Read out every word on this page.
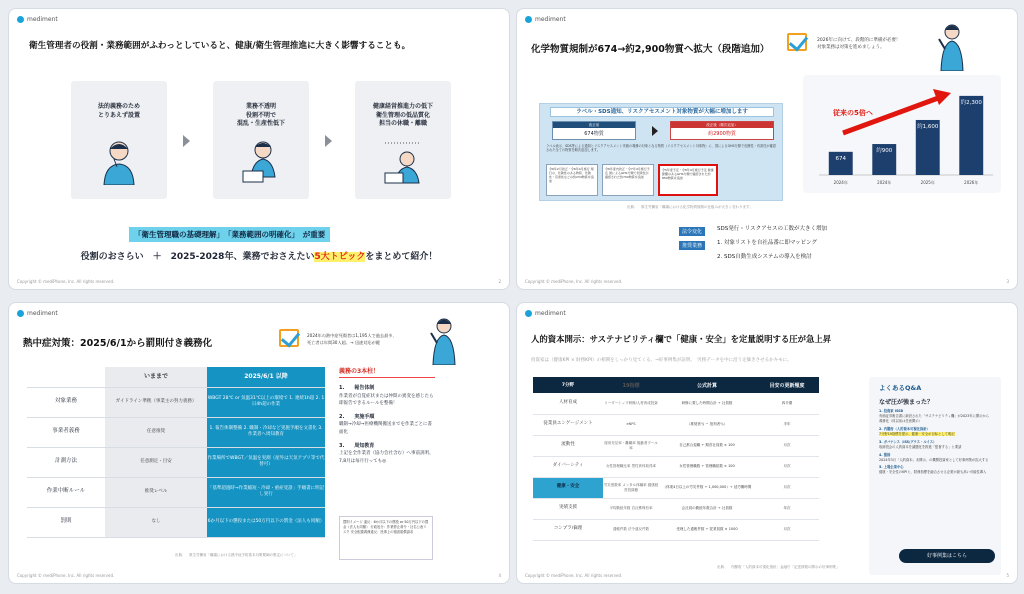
mediment
衛生管理者の役割・業務範囲がふわっとしていると、健康/衛生管理推進に大きく影響することも。
法的義務のため
とりあえず設置
業務不透明
役割不明で
混乱・生産性低下
健康経営推進力の低下
衛生管理の低品質化
担当の休職・離職
「衛生管理職の基礎理解」　「業務範囲の明確化」　が重要
役割のおさらい　＋　2025-2028年、業務でおさえたい5大トピックをまとめて紹介！
Copyright © mediPhone, Inc. All rights reserved.	2
mediment
化学物質規制が674→約2,900物質へ拡大（段階追加）
2026年に向けて、段階的に準備が必要！
対象業務は対策を進めましょう。
ラベル・SDS通知、リスクアセスメント対象物質が大幅に増加します
改正前
674物質
改正後（順次追加）
約2900物質
ラベル表示、SDS等による通知とリスクアセスメント実施の義務の対象となる物質（リスクアセスメント対象物）に、国によるGHS分類で危険性・有害性が確認された全ての物質を順次追加します。
令6年2月改正・令6年4月施行 現行の、危険性のある物質、危険性・有害性などの約234物質を追加
令6年度内改正・令7年4月施行予定 国によるGHS分類で危険性が確認された約700物質を追加
令5年度予定・令8年4月施行予定 健康影響のあるGHS分類で確認された約850物質を追加
出典：　厚生労働省「職場における化学物質規制の仕組みが大きく変わります」
674
2024年
約900
2024年
約1,600
2025年
約2,300
2026年
従来の5倍へ
法令変化	SDS発行・リスクアセスの工数が大きく増加
推奨業務	1. 対象リストを自社品番に即マッピング
2. SDS自動生成システムの導入を検討
Copyright © mediPhone, Inc. All rights reserved.	3
mediment
熱中症対策：2025/6/1から罰則付き義務化
2024年の熱中症死傷者は1,195人で過去最多、
死亡者は年間30人超。→ 迅速対応が鍵
	いままで	2025/6/1 以降
対象業務	ガイドライン準拠（事業主の努力義務）	WBGT 28℃ or 気温31℃以上の環境で 1. 連続1h超 2. 1日4h超の作業
事業者義務	任意推奨	1. 報告体制整備 2. 職制・冷却など実施手順を文書化 3. 作業者へ周知教育
計測方法	任意測定・目安	作業場所でWBGT／気温を実測（屋外は天気アプリ等で代替可）
作業中断ルール	推奨レベル	「基準超過時→作業縮短・冷却・重症受診」手順書に明記し実行
罰則	なし	6か月以下の懲役または50万円以下の罰金（法人も同額）
義務の3本柱！
1.　　報告体制
作業者が自覚症状または仲間の異変を感じたら即報告できるルールを整備！
2.　　実施手順
職制→冷却→医療機関搬送までを作業ごとに書面化
3.　　周知教育
上記を全作業者（協力会社含む）へ事前説明、7,8月は毎月行っても◎
罰則イメージ 違反：6か月以下の懲役 or 50万円以下の罰金（法人も同額） 行政処分：作業停止命令・社名公表リスク 安全配慮義務違反：民事上の損害賠償請求
出典：　厚生労働省「職場における熱中症予防基本対策要綱の策定について」
Copyright © mediPhone, Inc. All rights reserved.	4
mediment
人的資本開示：サステナビリティ欄で「健康・安全」を定量説明する圧が急上昇
投資家は（健康KPI × 財務KPI）の相関をしっかり見てくる。→好事例集が証明。　労務データを中に沿う定価きさせるかキモに。
7分野	19指標	公式計算	目安の更新頻度
人材育成	リーダーシップ研修/人材育成投資	研修に要した時間合計 ÷ 社員数	四半期
従業員エンゲージメント	eNPS	（推奨者％ − 批判者％）	半年
流動性	採用充足率・離職率 後継者プール率	自己都合退職 ÷ 期首社員数 × 100	月次
ダイバーシティ	女性管理職比率 男性育休取得率	女性管理職数 ÷ 管理職総数 × 100	月次
健康・安全	労災度数率 メンタル休職率 健康経営投資額	（休業4日以上の労災件数 ÷ 1,000,000）÷ 延労働時間	月次
実績支援	平均勤続年数 自社株保有率	会社員の勤続年数合計 ÷ 社員数	年次
コンプラ/倫理	通報件数 法令違反件数	受理した通報件数 ÷ 従業員数 × 1000	月次
よくあるQ&A
なぜ圧が強まった？
1. 投資家 ISSB
有価証券報告書に新設された「サステナビリティ欄」が2023年に開示から義務化（同以前は任意開示）
2. 内閣府（人的資本可視化指針）
7分野19指標を提示、健康・安全が目标として明記
3. ガバナンス（ISS/グラス・ルイス）
取締役会の人的資本を議題化を推進「監督する」と要請
4. 罰則
2024年3月「人的資本」未開示、の機関投資家として好事例集が拡大する
5. 上場企業中心
健康・安全性のKPIと、財務指標を融合させる企業が最も高い可能性導入
好事例集はこちら
出典：　内閣府「人的資本可視化指針」金融庁「記述情報の開示の好事例集」
Copyright © mediPhone, Inc. All rights reserved.	5
